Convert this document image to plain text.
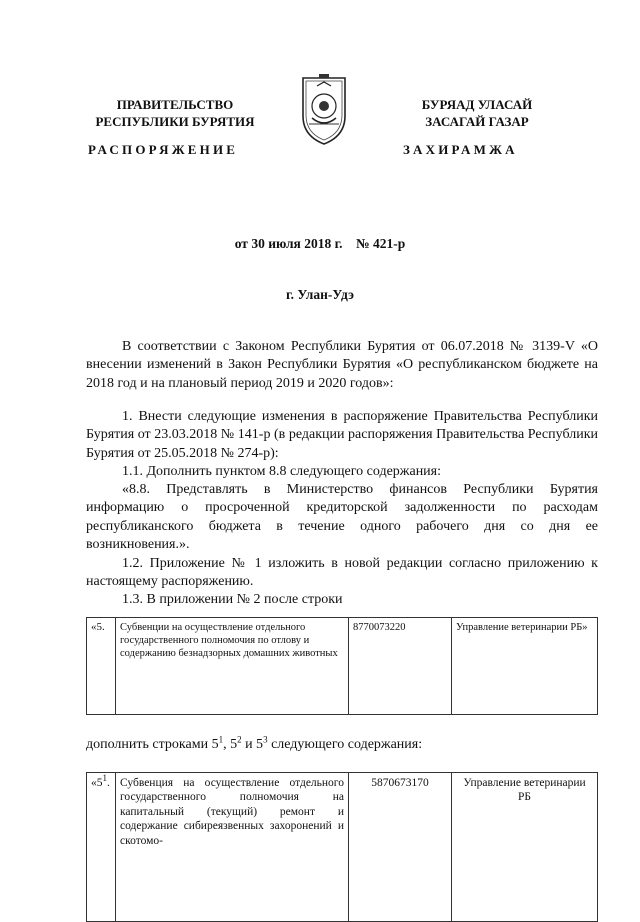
ПРАВИТЕЛЬСТВО
РЕСПУБЛИКИ БУРЯТИЯ
БУРЯАД УЛАСАЙ
ЗАСАГАЙ ГАЗАР
РАСПОРЯЖЕНИЕ	ЗАХИРАМЖА
от 30 июля 2018 г.    № 421-р
г. Улан-Удэ
В соответствии с Законом Республики Бурятия от 06.07.2018 № 3139-V «О внесении изменений в Закон Республики Бурятия «О республиканском бюджете на 2018 год и на плановый период 2019 и 2020 годов»:
1. Внести следующие изменения в распоряжение Правительства Республики Бурятия от 23.03.2018 № 141-р (в редакции распоряжения Правительства Республики Бурятия от 25.05.2018 № 274-р):
1.1. Дополнить пунктом 8.8 следующего содержания:
«8.8. Представлять в Министерство финансов Республики Бурятия информацию о просроченной кредиторской задолженности по расходам республиканского бюджета в течение одного рабочего дня со дня ее возникновения.».
1.2. Приложение № 1 изложить в новой редакции согласно приложению к настоящему распоряжению.
1.3. В приложении № 2 после строки
«5.	Субвенции на осуществление отдельного государственного полномочия по отлову и содержанию безнадзорных домашних животных	8770073220	Управление ветеринарии РБ»
дополнить строками $5^1$, $5^2$ и $5^3$ следующего содержания:
«$5^1$.	Субвенция на осуществление отдельного государственного полномочия на капитальный (текущий) ремонт и содержание сибиреязвенных захоронений и скотомо-	5870673170	Управление ветеринарии РБ
